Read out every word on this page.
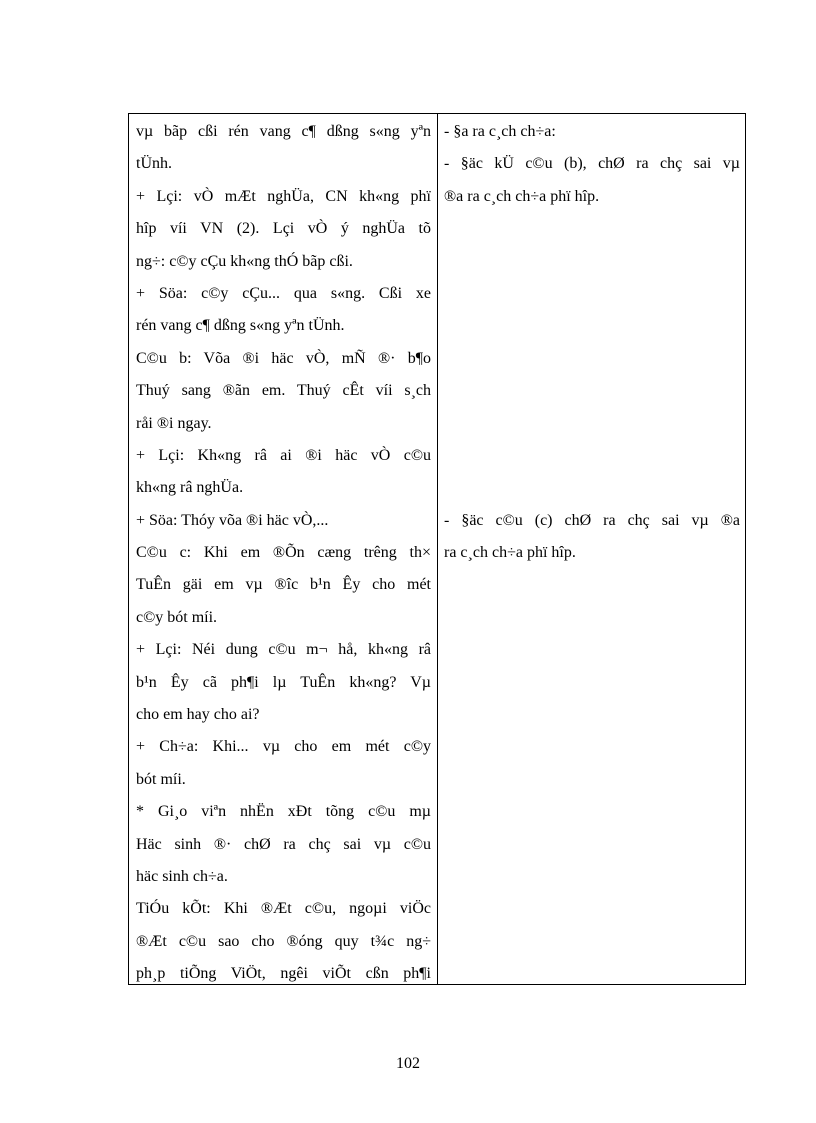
vµ bãp cßi rén vang c¶ dßng s«ng yªn
tÜnh.
+ Lçi: vÒ mÆt nghÜa, CN kh«ng phï
hîp víi VN (2). Lçi vÒ ý nghÜa tõ
ng÷: c©y cÇu kh«ng thÓ bãp cßi.
+ Söa: c©y cÇu... qua s«ng. Cßi xe
rén vang c¶ dßng s«ng yªn tÜnh.
C©u b: Võa ®i häc vÒ, mÑ ®· b¶o
Thuý sang ®ãn em. Thuý cÊt víi s¸ch
råi ®i ngay.
+ Lçi: Kh«ng râ ai ®i häc vÒ c©u
kh«ng râ nghÜa.
+ Söa: Thóy võa ®i häc vÒ,...
C©u c: Khi em ®Õn cæng trêng th×
TuÊn gäi em vµ ®îc b¹n Êy cho mét
c©y bót míi.
+ Lçi: Néi dung c©u m¬ hå, kh«ng râ
b¹n Êy cã ph¶i lµ TuÊn kh«ng? Vµ
cho em hay cho ai?
+ Ch÷a: Khi... vµ cho em mét c©y
bót míi.
* Gi¸o viªn nhËn xÐt tõng c©u mµ
Häc sinh ®· chØ ra chç sai vµ c©u
häc sinh ch÷a.
TiÓu kÕt: Khi ®Æt c©u, ngoµi viÖc
®Æt c©u sao cho ®óng quy t¾c ng÷
ph¸p tiÕng ViÖt, ngêi viÕt cßn ph¶i
- §a ra c¸ch ch÷a:
- §äc kÜ c©u (b), chØ ra chç sai vµ
®a ra c¸ch ch÷a phï hîp.
- §äc c©u (c) chØ ra chç sai vµ ®a
ra c¸ch ch÷a phï hîp.
102
